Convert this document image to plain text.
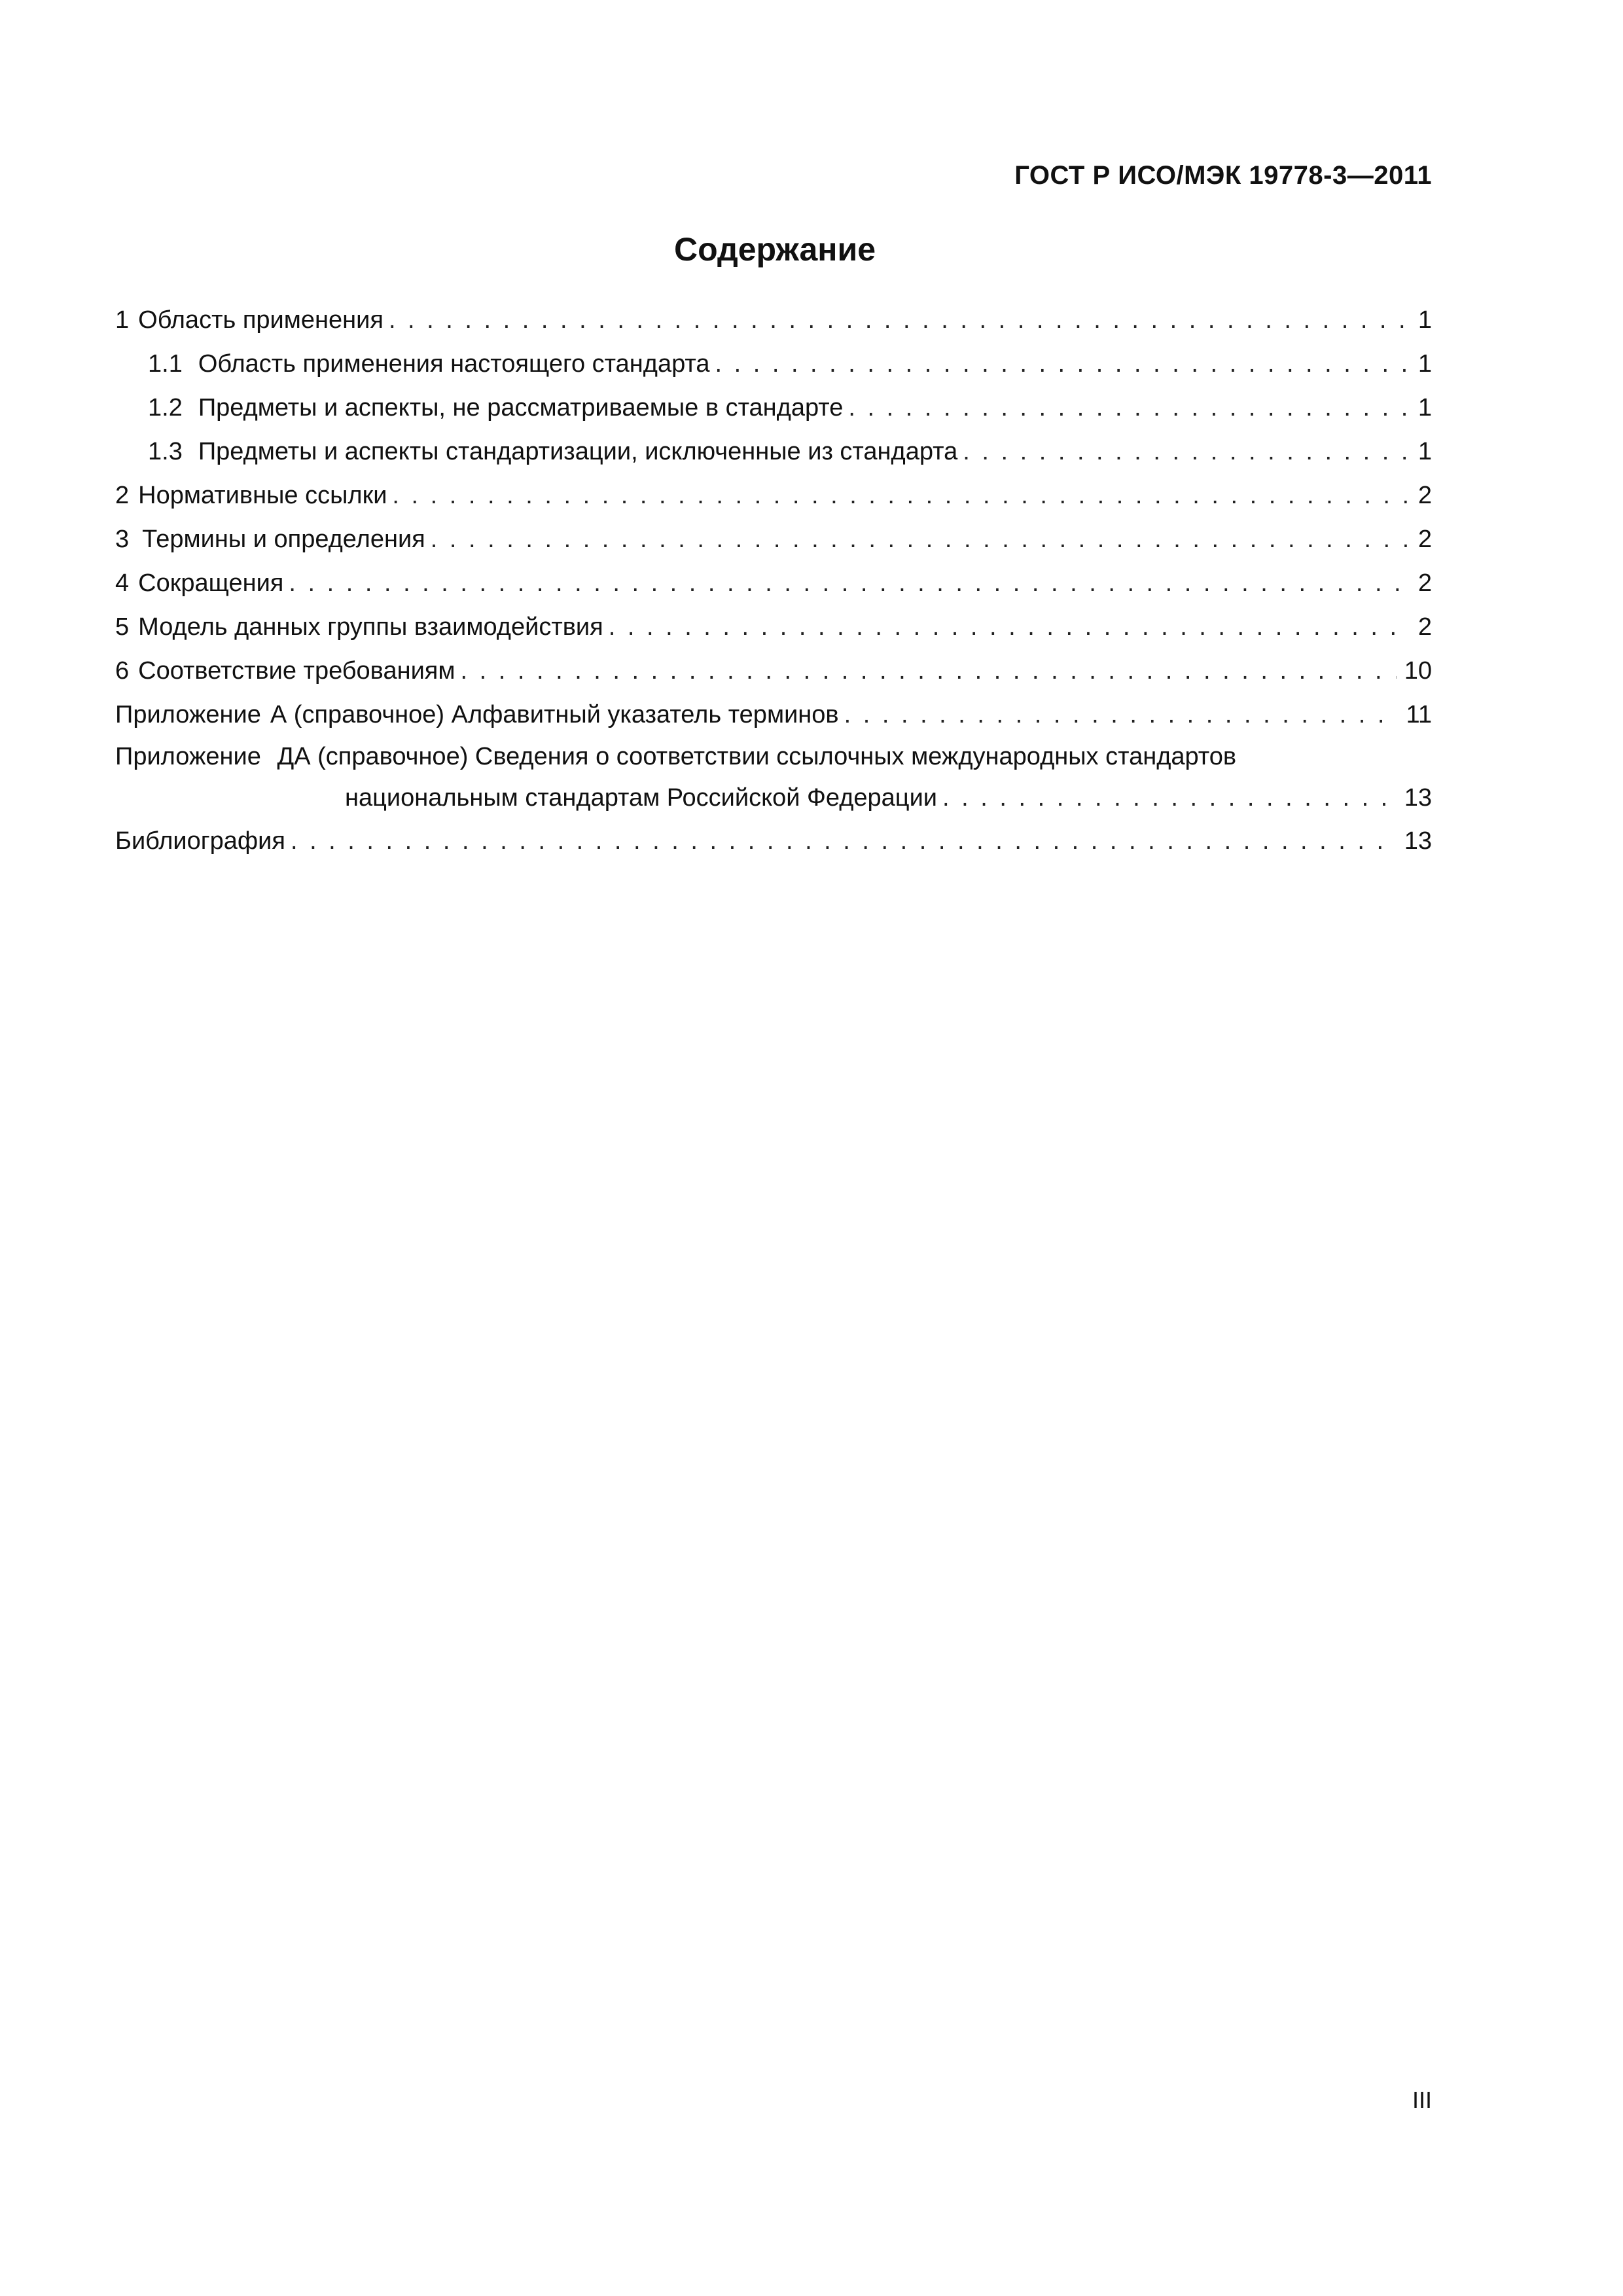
ГОСТ Р ИСО/МЭК 19778-3—2011
Содержание
1 Область применения . . .	1
1.1 Область применения настоящего стандарта . . .	1
1.2 Предметы и аспекты, не рассматриваемые в стандарте . . .	1
1.3 Предметы и аспекты стандартизации, исключенные из стандарта . . .	1
2 Нормативные ссылки . . .	2
3 Термины и определения . . .	2
4 Сокращения . . .	2
5 Модель данных группы взаимодействия . . .	2
6 Соответствие требованиям . . .	10
Приложение А (справочное) Алфавитный указатель терминов . . .	11
Приложение ДА (справочное) Сведения о соответствии ссылочных международных стандартов
национальным стандартам Российской Федерации . . .	13
Библиография . . .	13
III
